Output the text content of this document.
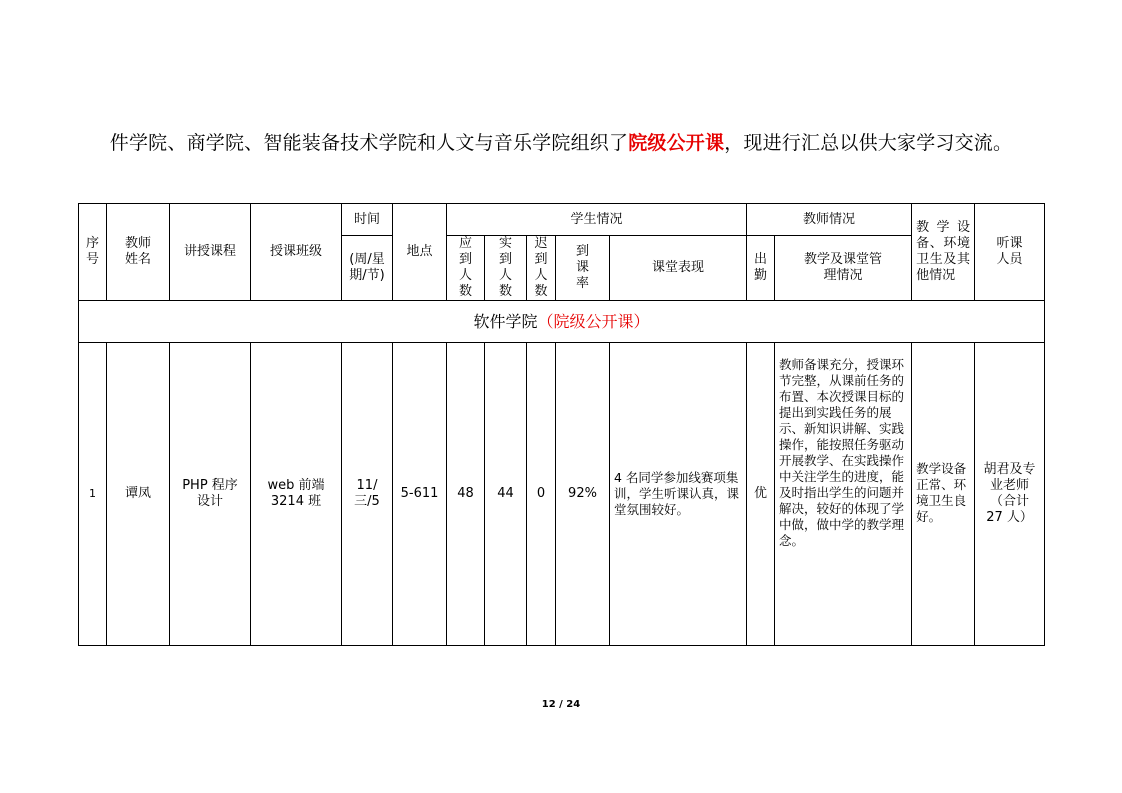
件学院、商学院、智能装备技术学院和人文与音乐学院组织了院级公开课，现进行汇总以供大家学习交流。
序号	教师姓名	讲授课程	授课班级	时间	地点	学生情况					教师情况		教学设备、环境卫生及其他情况	听课人员
				(周/星期/节)		应到人数	实到人数	迟到人数	到课率	课堂表现	出勤	教学及课堂管理情况		
软件学院（院级公开课）														
1	谭凤	PHP 程序设计	web 前端 3214 班	11/三/5	5-611	48	44	0	92%	4 名同学参加线赛项集训，学生听课认真，课堂氛围较好。	优	教师备课充分，授课环节完整，从课前任务的布置、本次授课目标的提出到实践任务的展示、新知识讲解、实践操作，能按照任务驱动开展教学、在实践操作中关注学生的进度，能及时指出学生的问题并解决，较好的体现了学中做，做中学的教学理念。	教学设备正常、环境卫生良好。	胡君及专业老师（合计 27 人）
12 / 24
